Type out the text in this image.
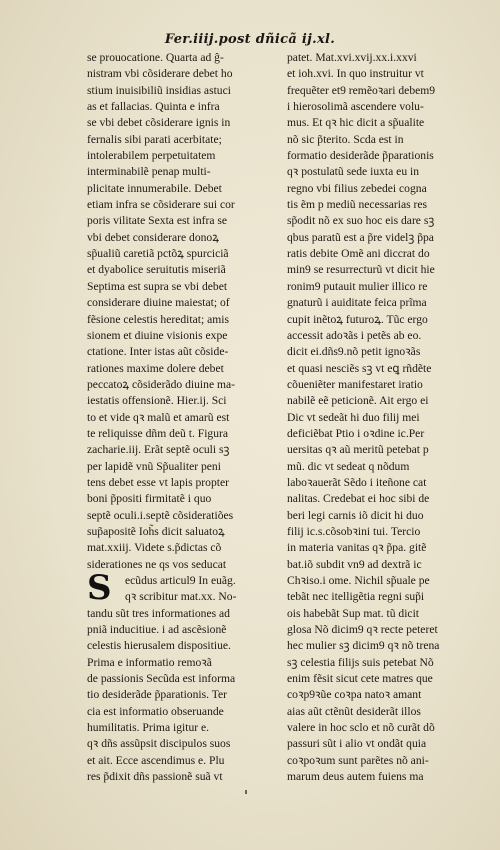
Fer.iiij.post dñicã ij.xl.
se prouocatione. Quarta ad ĝ-
nistram vbi cõsiderare debet ho
stium inuisibiliũ insidias astuci
as et fallacias. Quinta e infra
se vbi debet cõsiderare ignis in
fernalis sibi parati acerbitate;
intolerabilem perpetuitatem
interminabilẽ penap multi-
plicitate innumerabile. Debet
etiam infra se cõsiderare sui cor
poris vilitate Sexta est infra se
vbi debet considerare donoꝝ
sp̃ualiũ caretiã pctõꝝ spurciciã
et dyabolice seruitutis miseriã
Septima est supra se vbi debet
considerare diuine maiestat; of
fẽsione celestis hereditat; amis
sionem et diuine visionis expe
ctatione. Inter istas aũt cõside-
rationes maxime dolere debet
peccatoꝝ cõsiderãdo diuine ma-
iestatis offensionẽ. Hier.ij. Sci
to et vide qꝛ malũ et amarũ est
te reliquisse dñm deũ t. Figura
zacharie.iij. Erãt septẽ oculi sꝫ
per lapidẽ vnũ Sp̃ualiter peni
tens debet esse vt lapis propter
boni p̃positi firmitatẽ i quo
septẽ oculi.i.septẽ cõsideratiões
sup̃apositẽ Ioh̃s dicit saluatoꝝ
mat.xxiij. Videte s.p̃dictas cõ
siderationes ne qs vos seducat
S	ecũdus articul9 In euãg.
qꝛ scribitur mat.xx. No-
tandu sũt tres informationes ad
pniã inducitiue. i ad ascẽsionẽ
celestis hierusalem dispositiue.
Prima e informatio remoꝛã
de passionis Secũda est informa
tio desiderãde p̃parationis. Ter
cia est informatio obseruande
humilitatis. Prima igitur e.
qꝛ dñs assũpsit discipulos suos
et ait. Ecce ascendimus e. Plu
res p̃dixit dñs passionẽ suã vt
patet. Mat.xvi.xvij.xx.i.xxvi
et ioh.xvi. In quo instruitur vt
frequẽter et9 remẽoꝛari debem9
i hierosolimã ascendere volu-
mus. Et qꝛ hic dicit a sp̃ualite
nõ sic p̃terito. Scda est in
formatio desiderãde p̃parationis
qꝛ postulatũ sede iuxta eu in
regno vbi filius zebedei cogna
tis ẽm p mediũ necessarias res
sp̃odit nõ ex suo hoc eis dare sꝫ
qbus paratũ est a p̃re videlꝫ p̃pa
ratis debite Omẽ ani diccrat do
min9 se resurrecturũ vt dicit hie
ronim9 putauit mulier illico re
gnaturũ i auiditate feica prĩma
cupit inẽtoꝝ futuroꝝ. Tũc ergo
accessit adoꝛãs i petẽs ab eo.
dicit ei.dñs9.nõ petit ignoꝛãs
et quasi nesciẽs sꝫ vt eꝗ rñdẽte
cõueniẽter manifestaret iratio
nabilẽ eẽ peticionẽ. Ait ergo ei
Dic vt sedeãt hi duo filij mei
deficiẽbat Ptio i oꝛdine ic.Per
uersitas qꝛ aũ meritũ petebat p
mũ. dic vt sedeat q nõdum
laboꝛauerãt Sẽdo i iteñone cat
nalitas. Credebat ei hoc sibi de
beri legi carnis iõ dicit hi duo
filij ic.s.cõsobꝛini tui. Tercio
in materia vanitas qꝛ p̃pa. gitẽ
bat.iõ subdit vn9 ad dextrã ic
Chꝛiso.i ome. Nichil sp̃uale pe
tebãt nec itelligẽtia regni sup̃i
ois habebãt Sup mat. tũ dicit
glosa Nõ dicim9 qꝛ recte peteret
hec mulier sꝫ dicim9 qꝛ nõ trena
sꝫ celestia filijs suis petebat Nõ
enim fẽsit sicut cete matres que
coꝛp9ꝛũe coꝛpa natoꝛ amant
aias aũt ctẽnũt desiderãt illos
valere in hoc sclo et nõ curãt dõ
passuri sũt i alio vt ondãt quia
coꝛpoꝛum sunt parẽtes nõ ani-
marum deus autem fuiens ma
